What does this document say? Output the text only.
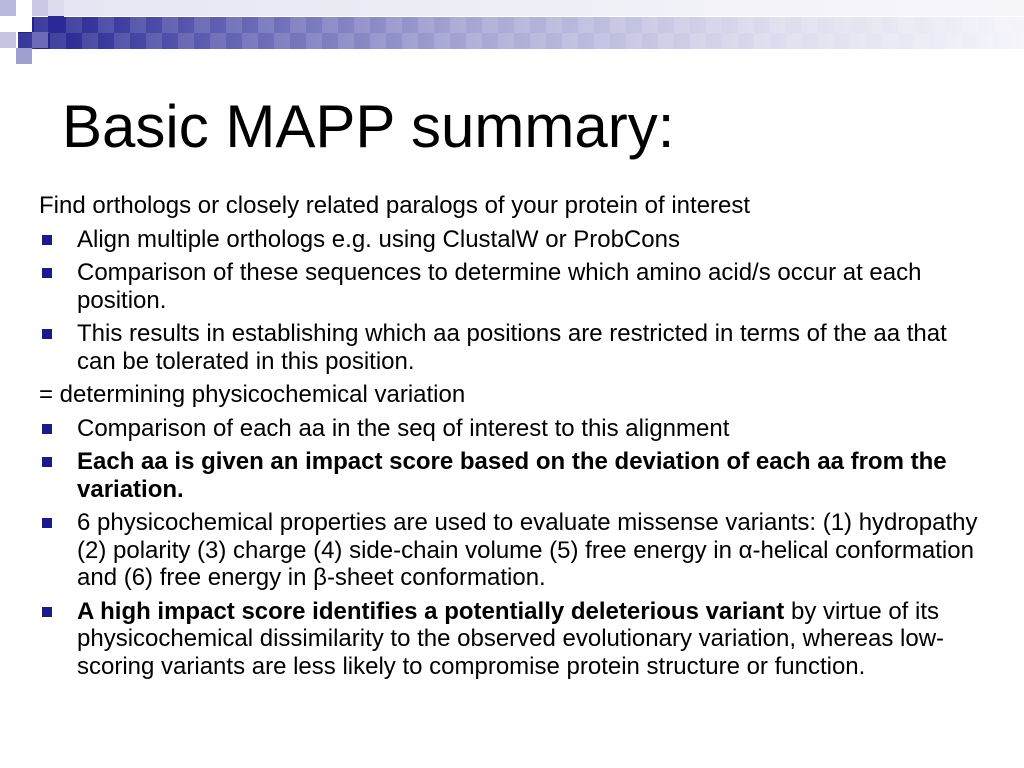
Basic MAPP summary:

Find orthologs or closely related paralogs of your protein of interest

Align multiple orthologs e.g. using ClustalW or ProbCons
Comparison of these sequences to determine which amino acid/s occur at each position.
This results in establishing which aa positions are restricted in terms of the aa that can be tolerated in this position.

= determining physicochemical variation

Comparison of each aa in the seq of interest to this alignment
Each aa is given an impact score based on the deviation of each aa from the variation.
6 physicochemical properties are used to evaluate missense variants: (1) hydropathy (2) polarity (3) charge (4) side-chain volume (5) free energy in α-helical conformation and (6) free energy in β-sheet conformation.
A high impact score identifies a potentially deleterious variant by virtue of its physicochemical dissimilarity to the observed evolutionary variation, whereas low-scoring variants are less likely to compromise protein structure or function.
